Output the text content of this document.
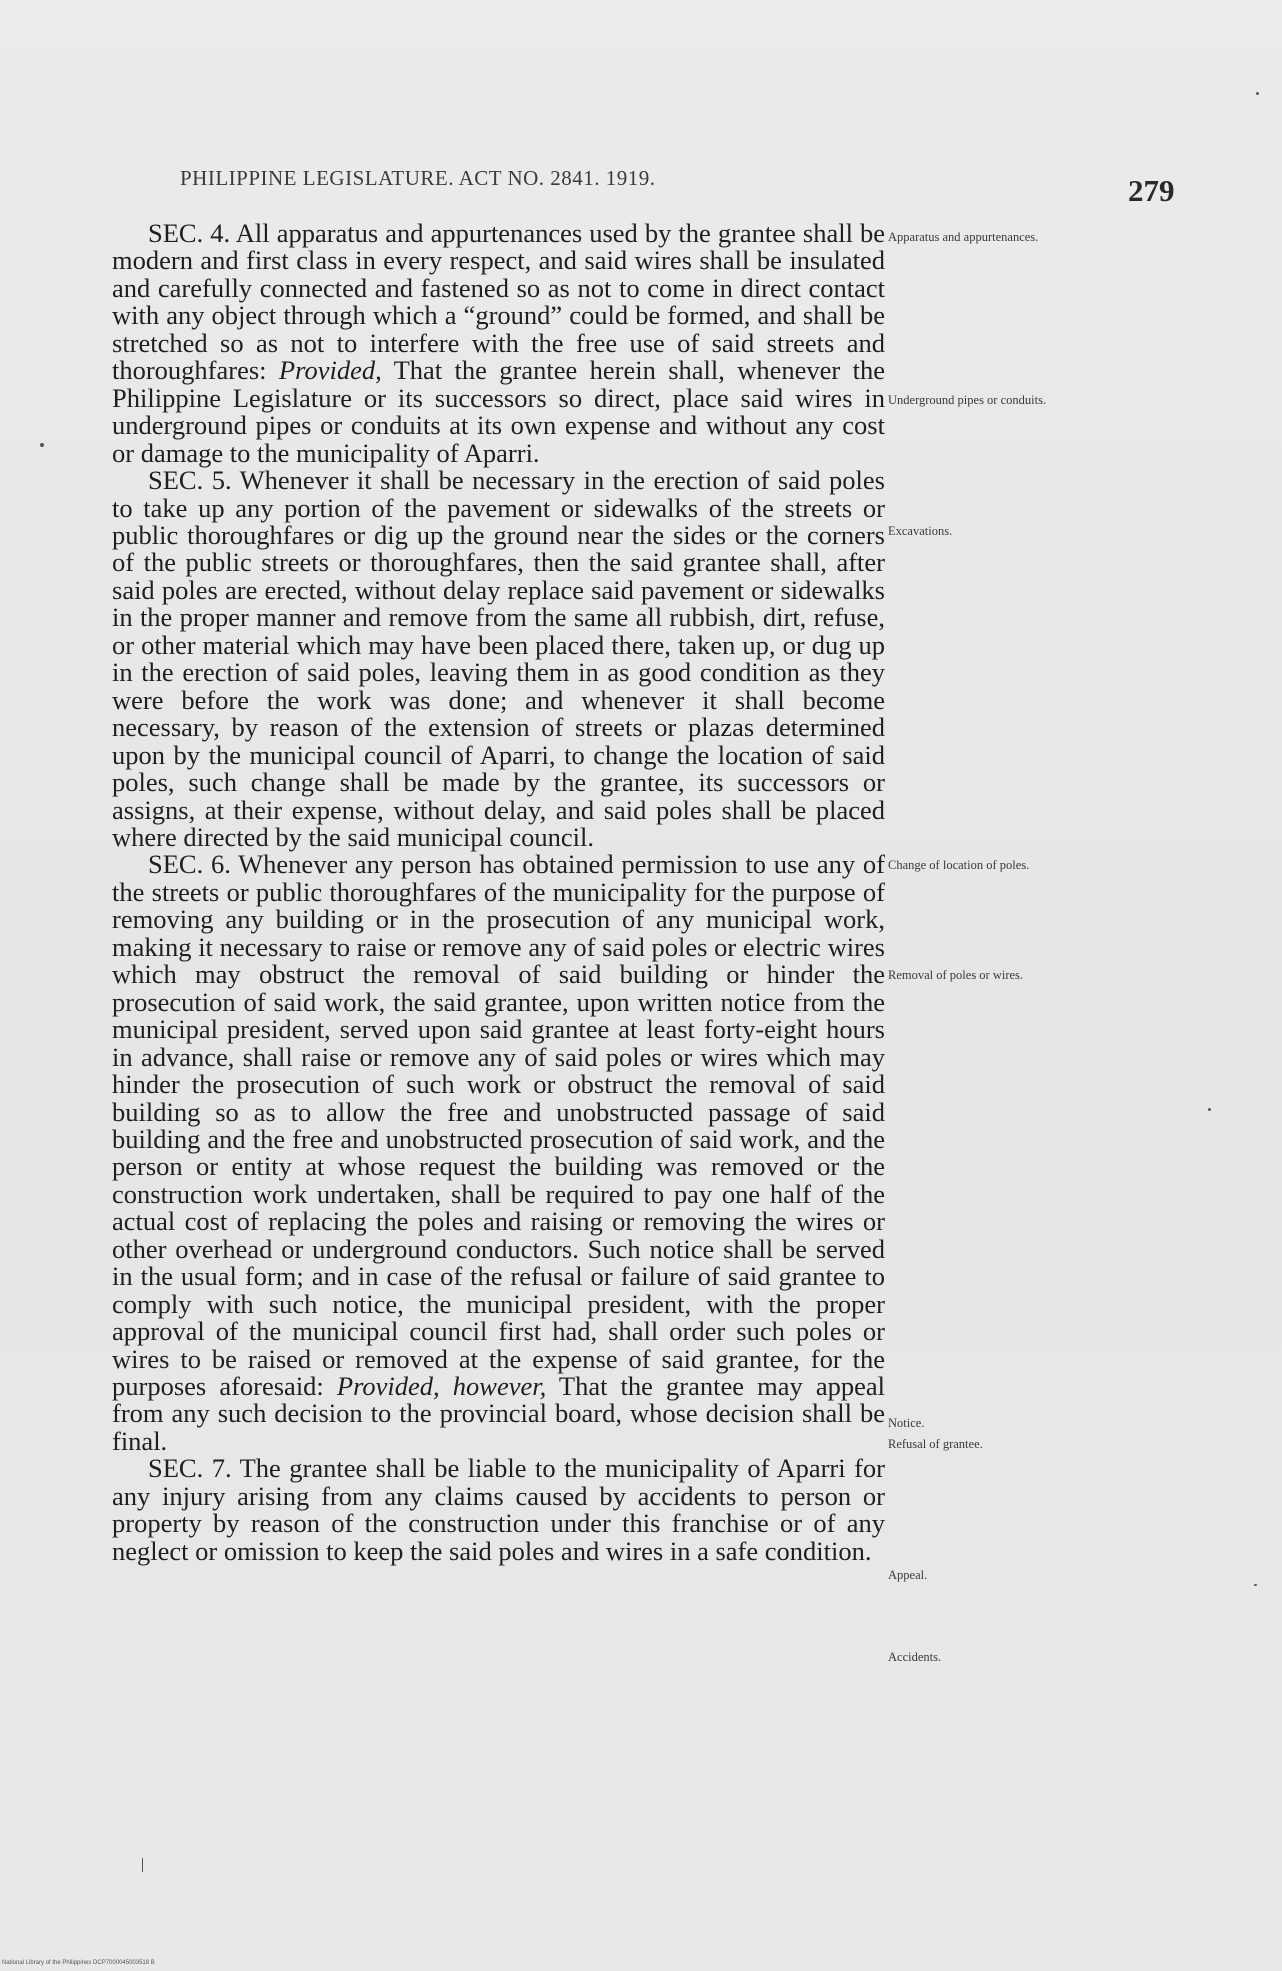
PHILIPPINE LEGISLATURE. ACT NO. 2841. 1919.	279

SEC. 4. All apparatus and appurtenances used by the grantee shall be modern and first class in every respect, and said wires shall be insulated and carefully connected and fastened so as not to come in direct contact with any object through which a “ground” could be formed, and shall be stretched so as not to interfere with the free use of said streets and thoroughfares: Provided, That the grantee herein shall, whenever the Philippine Legislature or its successors so direct, place said wires in underground pipes or conduits at its own expense and without any cost or damage to the municipality of Aparri.

SEC. 5. Whenever it shall be necessary in the erection of said poles to take up any portion of the pavement or sidewalks of the streets or public thoroughfares or dig up the ground near the sides or the corners of the public streets or thoroughfares, then the said grantee shall, after said poles are erected, without delay replace said pavement or sidewalks in the proper manner and remove from the same all rubbish, dirt, refuse, or other material which may have been placed there, taken up, or dug up in the erection of said poles, leaving them in as good condition as they were before the work was done; and whenever it shall become necessary, by reason of the extension of streets or plazas determined upon by the municipal council of Aparri, to change the location of said poles, such change shall be made by the grantee, its successors or assigns, at their expense, without delay, and said poles shall be placed where directed by the said municipal council.

SEC. 6. Whenever any person has obtained permission to use any of the streets or public thoroughfares of the municipality for the purpose of removing any building or in the prosecution of any municipal work, making it necessary to raise or remove any of said poles or electric wires which may obstruct the removal of said building or hinder the prosecution of said work, the said grantee, upon written notice from the municipal president, served upon said grantee at least forty-eight hours in advance, shall raise or remove any of said poles or wires which may hinder the prosecution of such work or obstruct the removal of said building so as to allow the free and unobstructed passage of said building and the free and unobstructed prosecution of said work, and the person or entity at whose request the building was removed or the construction work undertaken, shall be required to pay one half of the actual cost of replacing the poles and raising or removing the wires or other overhead or underground conductors. Such notice shall be served in the usual form; and in case of the refusal or failure of said grantee to comply with such notice, the municipal president, with the proper approval of the municipal council first had, shall order such poles or wires to be raised or removed at the expense of said grantee, for the purposes aforesaid: Provided, however, That the grantee may appeal from any such decision to the provincial board, whose decision shall be final.

SEC. 7. The grantee shall be liable to the municipality of Aparri for any injury arising from any claims caused by accidents to person or property by reason of the construction under this franchise or of any neglect or omission to keep the said poles and wires in a safe condition.

Apparatus and appurtenances.
Underground pipes or conduits.
Excavations.
Change of location of poles.
Removal of poles or wires.
Notice.
Refusal of grantee.
Appeal.
Accidents.
National Library of the Philippines DCP7000045003518 B
